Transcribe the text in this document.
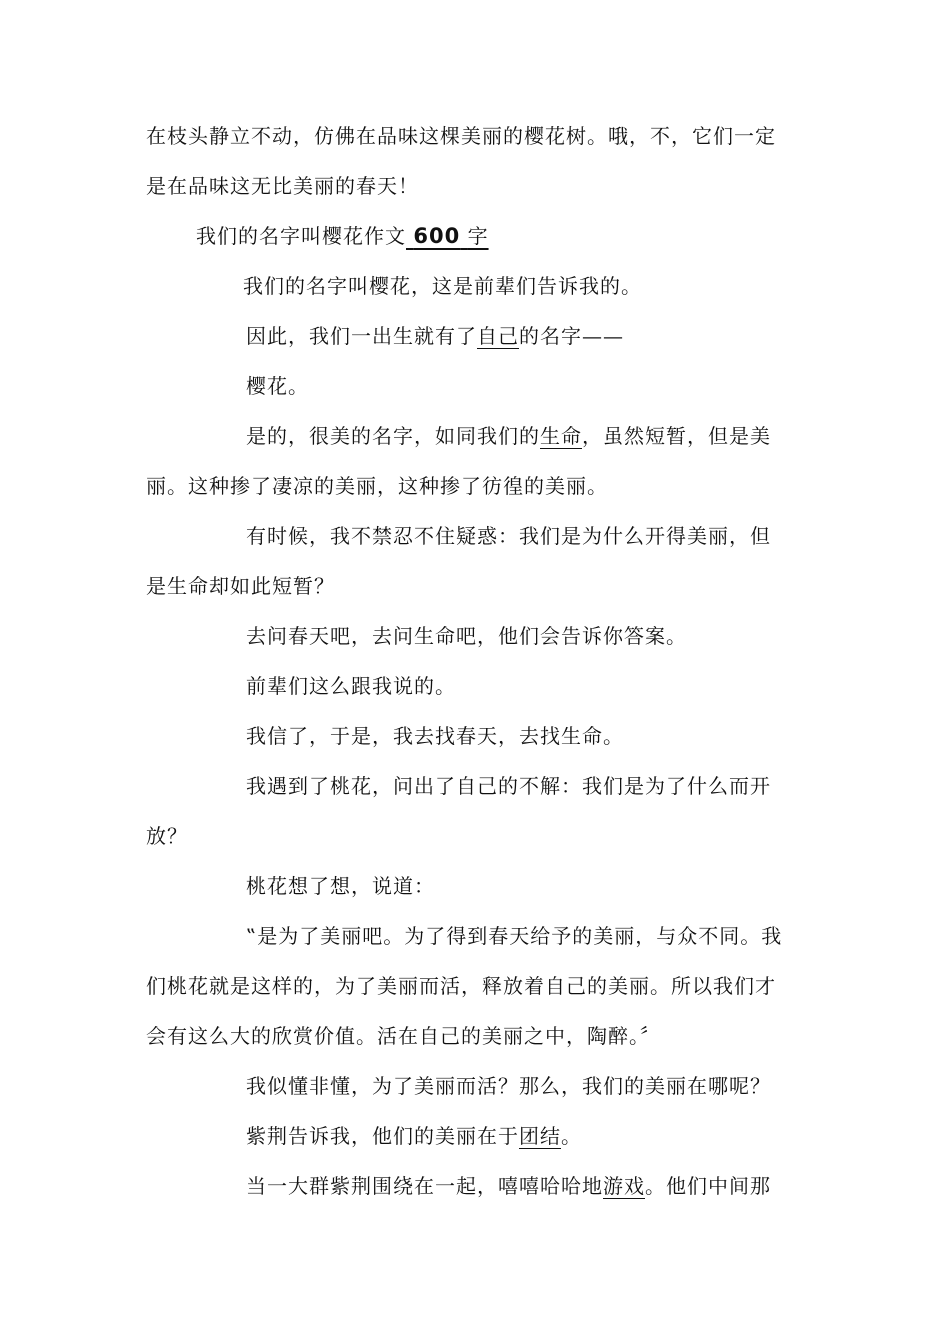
在枝头静立不动，仿佛在品味这棵美丽的樱花树。哦，不，它们一定
是在品味这无比美丽的春天！
我们的名字叫樱花作文 600 字
我们的名字叫樱花，这是前辈们告诉我的。
因此，我们一出生就有了自己的名字——
樱花。
是的，很美的名字，如同我们的生命，虽然短暂，但是美
丽。这种掺了凄凉的美丽，这种掺了彷徨的美丽。
有时候，我不禁忍不住疑惑：我们是为什么开得美丽，但
是生命却如此短暂？
去问春天吧，去问生命吧，他们会告诉你答案。
前辈们这么跟我说的。
我信了，于是，我去找春天，去找生命。
我遇到了桃花，问出了自己的不解：我们是为了什么而开
放？
桃花想了想，说道：
‟是为了美丽吧。为了得到春天给予的美丽，与众不同。我
们桃花就是这样的，为了美丽而活，释放着自己的美丽。所以我们才
会有这么大的欣赏价值。活在自己的美丽之中，陶醉。〞
我似懂非懂，为了美丽而活？那么，我们的美丽在哪呢？
紫荆告诉我，他们的美丽在于团结。
当一大群紫荆围绕在一起，嘻嘻哈哈地游戏。他们中间那
